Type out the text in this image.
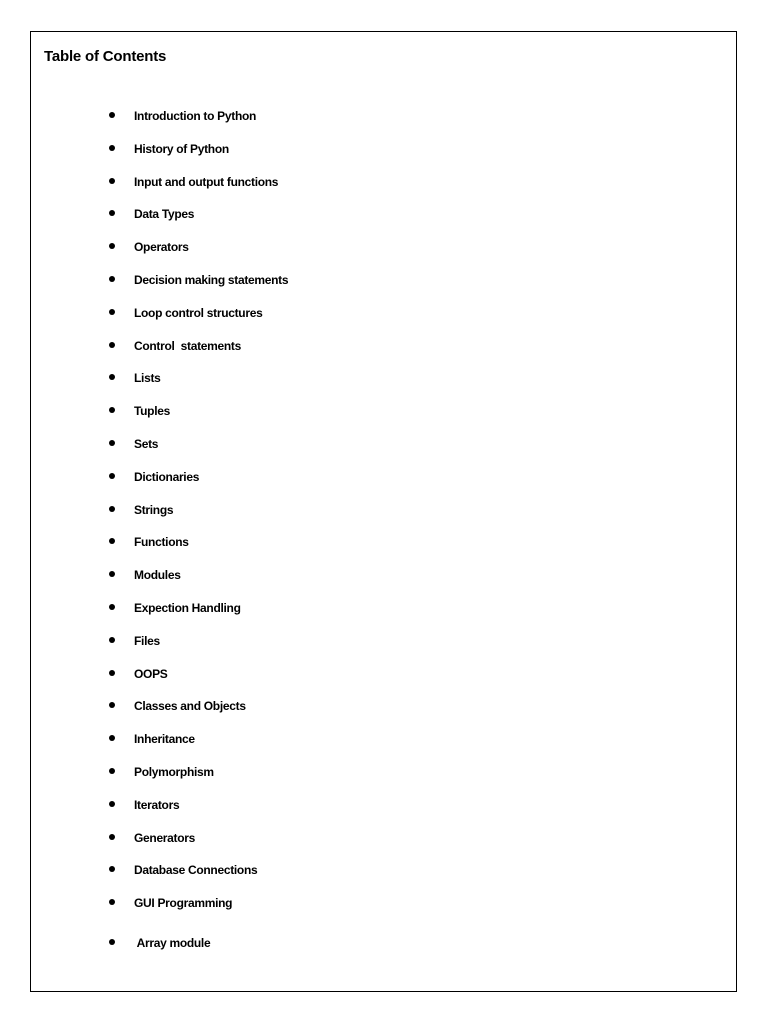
Table of Contents
Introduction to Python
History of Python
Input and output functions
Data Types
Operators
Decision making statements
Loop control structures
Control  statements
Lists
Tuples
Sets
Dictionaries
Strings
Functions
Modules
Expection Handling
Files
OOPS
Classes and Objects
Inheritance
Polymorphism
Iterators
Generators
Database Connections
GUI Programming
Array module
